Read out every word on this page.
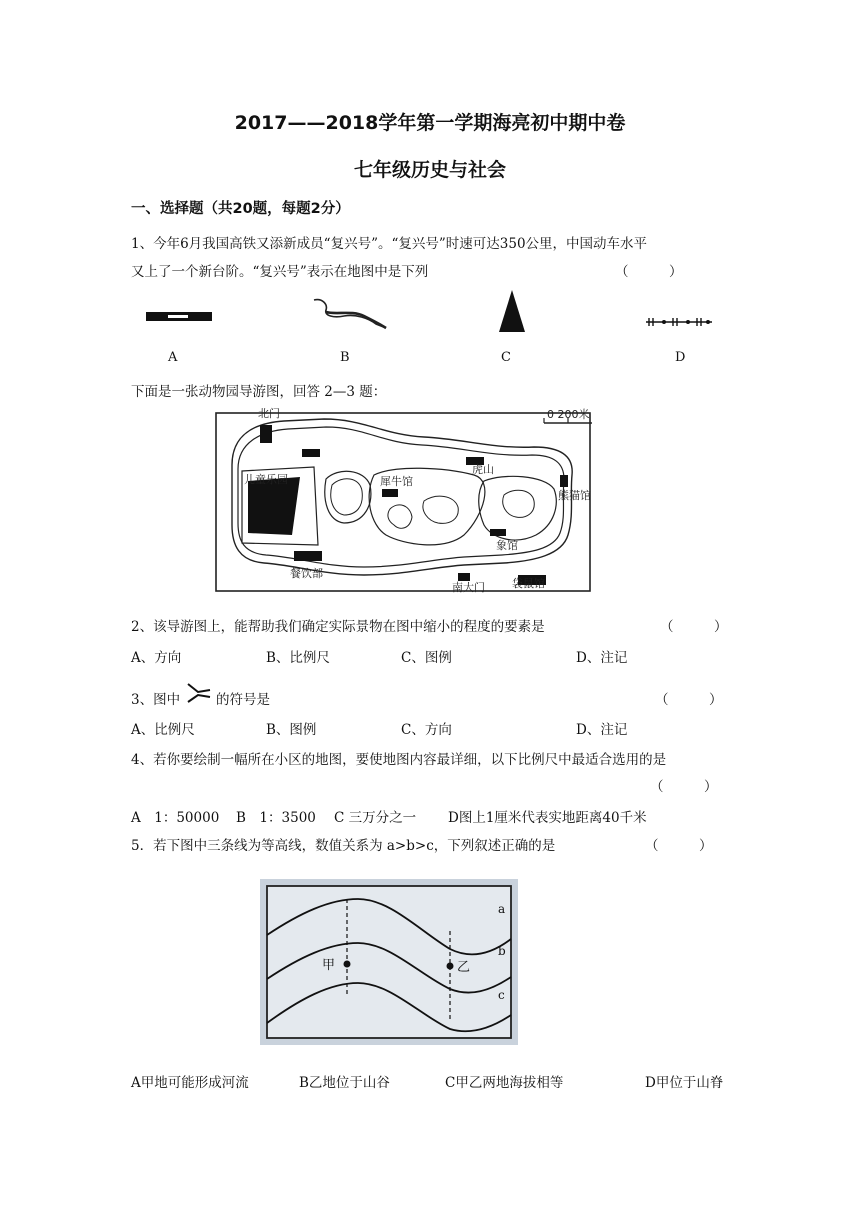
2017——2018学年第一学期海亮初中期中卷
七年级历史与社会
一、选择题（共20题，每题2分）
1、今年6月我国高铁又添新成员“复兴号”。“复兴号”时速可达350公里，中国动车水平
又上了一个新台阶。“复兴号”表示在地图中是下列	（　　　）
A	B	C	D
下面是一张动物园导游图，回答 2—3 题：
北门	0 200米
儿童乐园	犀牛馆
虎山
熊猫馆
象馆
餐饮部
南大门 袋鼠馆
2、该导游图上，能帮助我们确定实际景物在图中缩小的程度的要素是	（　　　）
A、方向	B、比例尺	C、图例	D、注记
3、图中	的符号是	（　　　）
A、比例尺	B、图例	C、方向	D、注记
4、若你要绘制一幅所在小区的地图，要使地图内容最详细，以下比例尺中最适合选用的是
（　　　）
A　1：50000 B　1：3500 C 三万分之一 D图上1厘米代表实地距离40千米
5．若下图中三条线为等高线，数值关系为 a>b>c，下列叙述正确的是	（　　　）
a
b
c
甲	乙
A甲地可能形成河流	B乙地位于山谷	C甲乙两地海拔相等	D甲位于山脊
